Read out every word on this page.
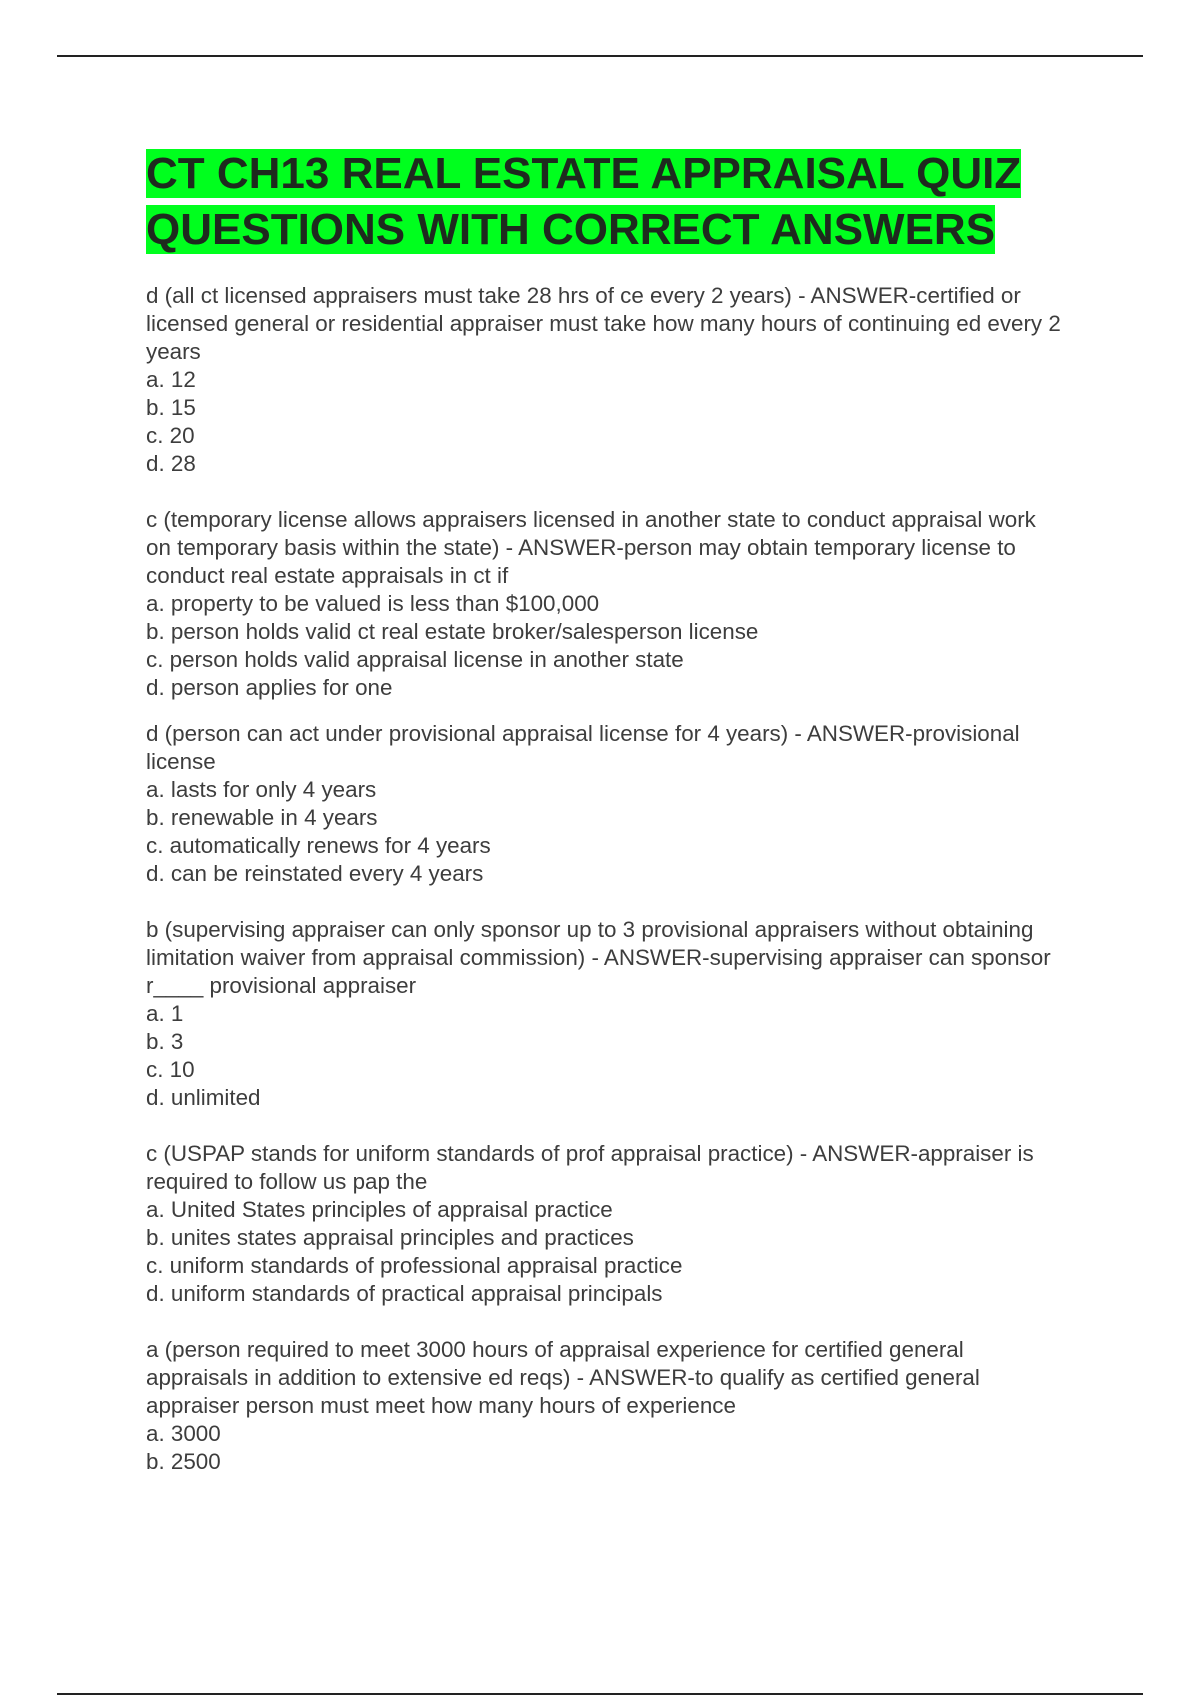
CT CH13 REAL ESTATE APPRAISAL QUIZ QUESTIONS WITH CORRECT ANSWERS

d (all ct licensed appraisers must take 28 hrs of ce every 2 years) - ANSWER-certified or licensed general or residential appraiser must take how many hours of continuing ed every 2 years

a. 12
b. 15
c. 20
d. 28

c (temporary license allows appraisers licensed in another state to conduct appraisal work on temporary basis within the state) - ANSWER-person may obtain temporary license to conduct real estate appraisals in ct if

a. property to be valued is less than $100,000
b. person holds valid ct real estate broker/salesperson license
c. person holds valid appraisal license in another state
d. person applies for one

d (person can act under provisional appraisal license for 4 years) - ANSWER-provisional license

a. lasts for only 4 years
b. renewable in 4 years
c. automatically renews for 4 years
d. can be reinstated every 4 years

b (supervising appraiser can only sponsor up to 3 provisional appraisers without obtaining limitation waiver from appraisal commission) - ANSWER-supervising appraiser can sponsor r____ provisional appraiser

a. 1
b. 3
c. 10
d. unlimited

c (USPAP stands for uniform standards of prof appraisal practice) - ANSWER-appraiser is required to follow us pap the

a. United States principles of appraisal practice
b. unites states appraisal principles and practices
c. uniform standards of professional appraisal practice
d. uniform standards of practical appraisal principals

a (person required to meet 3000 hours of appraisal experience for certified general appraisals in addition to extensive ed reqs) - ANSWER-to qualify as certified general appraiser person must meet how many hours of experience

a. 3000
b. 2500
